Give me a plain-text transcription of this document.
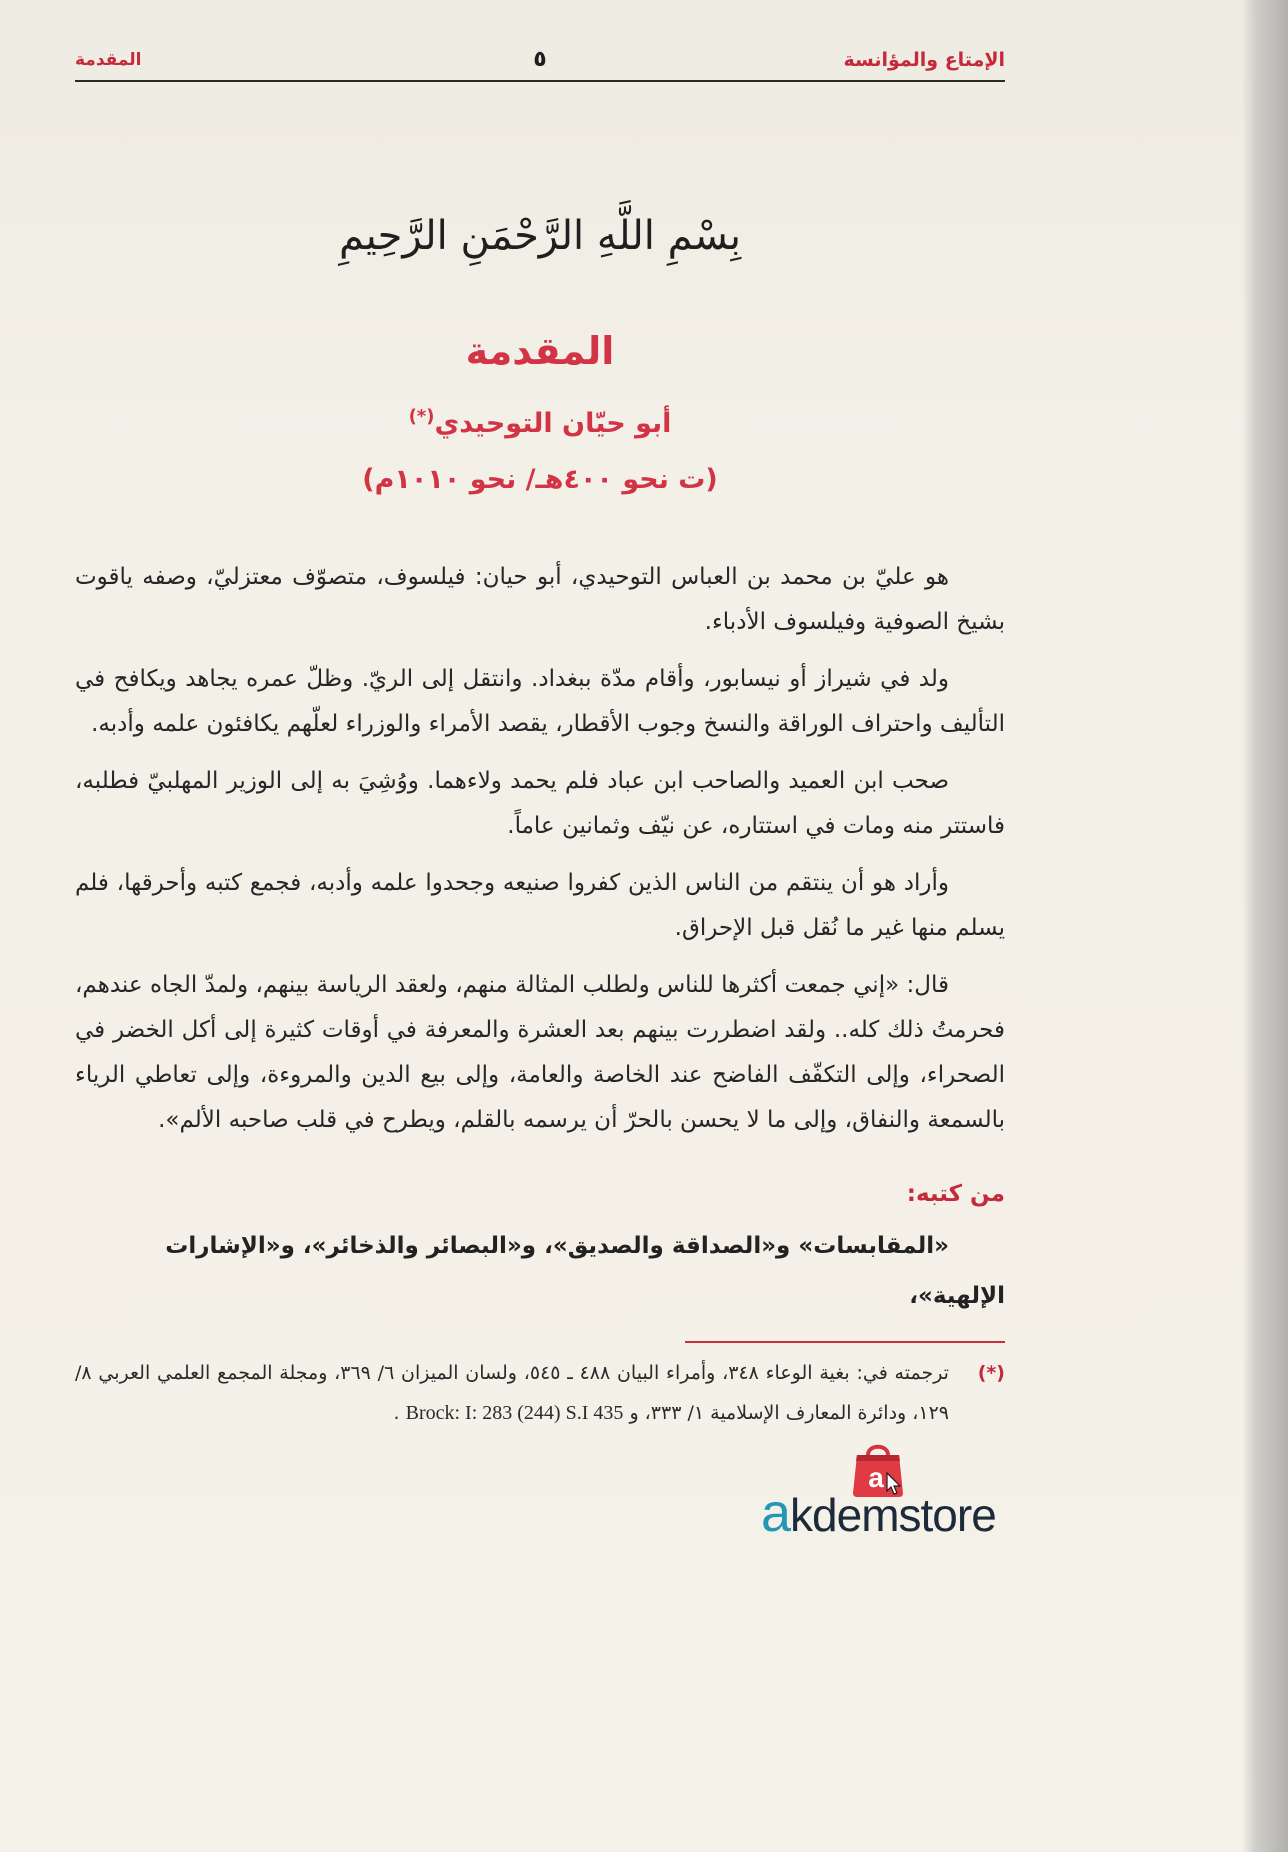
الإمتاع والمؤانسة
٥
المقدمة
بِسْمِ اللَّهِ الرَّحْمَنِ الرَّحِيمِ
المقدمة
أبو حيّان التوحيدي(*)
(ت نحو ٤٠٠هـ/ نحو ١٠١٠م)

هو عليّ بن محمد بن العباس التوحيدي، أبو حيان: فيلسوف، متصوّف معتزليّ، وصفه ياقوت بشيخ الصوفية وفيلسوف الأدباء.

ولد في شيراز أو نيسابور، وأقام مدّة ببغداد. وانتقل إلى الريّ. وظلّ عمره يجاهد ويكافح في التأليف واحتراف الوراقة والنسخ وجوب الأقطار، يقصد الأمراء والوزراء لعلّهم يكافئون علمه وأدبه.

صحب ابن العميد والصاحب ابن عباد فلم يحمد ولاءهما. ووُشِيَ به إلى الوزير المهلبيّ فطلبه، فاستتر منه ومات في استتاره، عن نيّف وثمانين عاماً.

وأراد هو أن ينتقم من الناس الذين كفروا صنيعه وجحدوا علمه وأدبه، فجمع كتبه وأحرقها، فلم يسلم منها غير ما نُقل قبل الإحراق.

قال: «إني جمعت أكثرها للناس ولطلب المثالة منهم، ولعقد الرياسة بينهم، ولمدّ الجاه عندهم، فحرمتُ ذلك كله.. ولقد اضطررت بينهم بعد العشرة والمعرفة في أوقات كثيرة إلى أكل الخضر في الصحراء، وإلى التكفّف الفاضح عند الخاصة والعامة، وإلى بيع الدين والمروءة، وإلى تعاطي الرياء بالسمعة والنفاق، وإلى ما لا يحسن بالحرّ أن يرسمه بالقلم، ويطرح في قلب صاحبه الألم».

من كتبه:
«المقابسات» و«الصداقة والصديق»، و«البصائر والذخائر»، و«الإشارات الإلهية»،
(*)
ترجمته في: بغية الوعاء ٣٤٨، وأمراء البيان ٤٨٨ ـ ٥٤٥، ولسان الميزان ٦/ ٣٦٩، ومجلة المجمع العلمي العربي ٨/ ١٢٩، ودائرة المعارف الإسلامية ١/ ٣٣٣، و Brock: I: 283 (244) S.I 435 .
a
akdemstore
